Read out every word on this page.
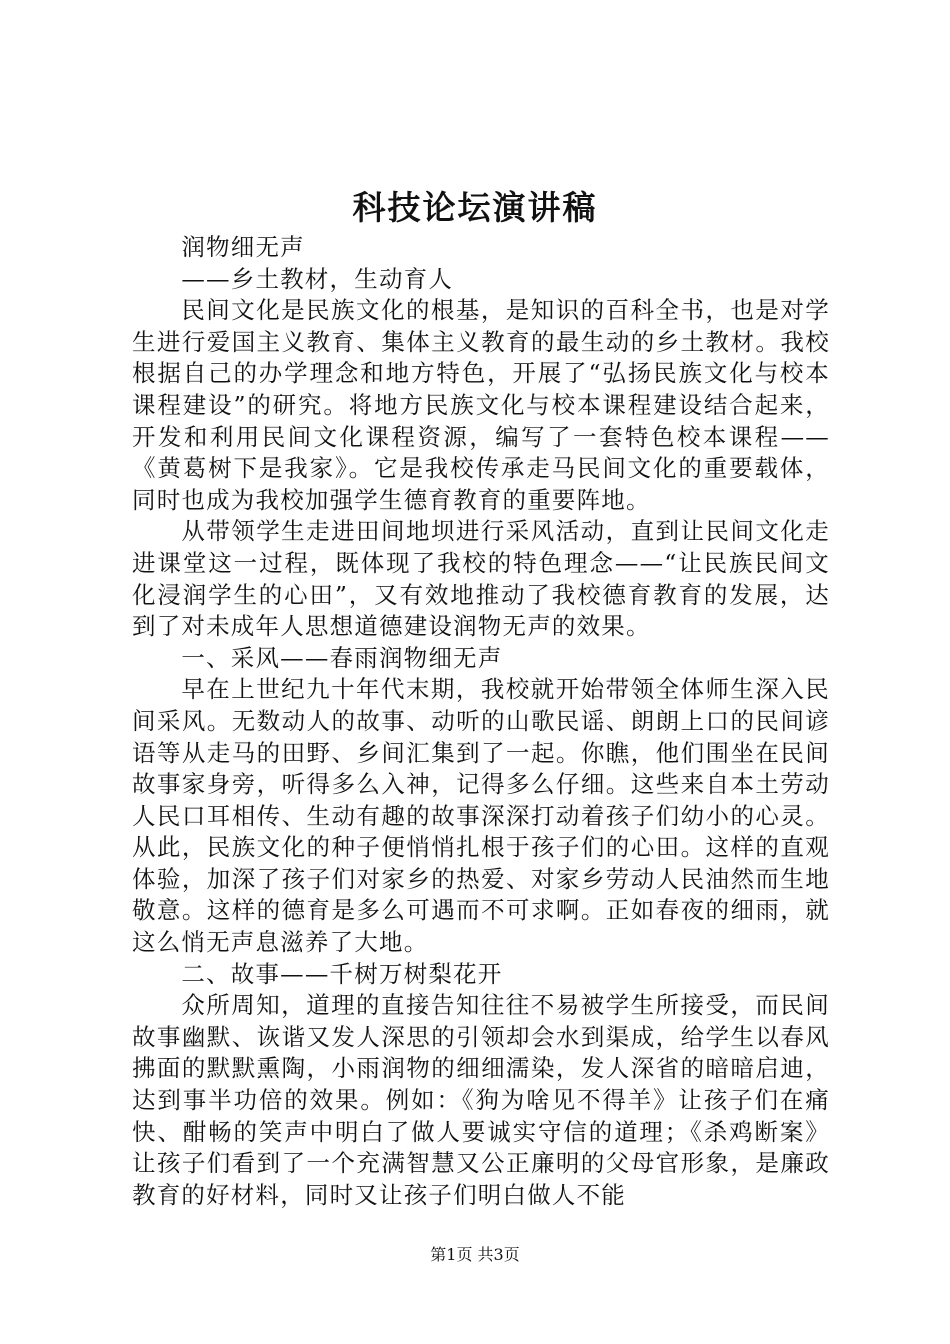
科技论坛演讲稿

润物细无声

——乡土教材，生动育人

民间文化是民族文化的根基，是知识的百科全书，也是对学生进行爱国主义教育、集体主义教育的最生动的乡土教材。我校根据自己的办学理念和地方特色，开展了“弘扬民族文化与校本课程建设”的研究。将地方民族文化与校本课程建设结合起来，开发和利用民间文化课程资源，编写了一套特色校本课程——《黄葛树下是我家》。它是我校传承走马民间文化的重要载体，同时也成为我校加强学生德育教育的重要阵地。

从带领学生走进田间地坝进行采风活动，直到让民间文化走进课堂这一过程，既体现了我校的特色理念——“让民族民间文化浸润学生的心田”，又有效地推动了我校德育教育的发展，达到了对未成年人思想道德建设润物无声的效果。

一、采风——春雨润物细无声

早在上世纪九十年代末期，我校就开始带领全体师生深入民间采风。无数动人的故事、动听的山歌民谣、朗朗上口的民间谚语等从走马的田野、乡间汇集到了一起。你瞧，他们围坐在民间故事家身旁，听得多么入神，记得多么仔细。这些来自本土劳动人民口耳相传、生动有趣的故事深深打动着孩子们幼小的心灵。从此，民族文化的种子便悄悄扎根于孩子们的心田。这样的直观体验，加深了孩子们对家乡的热爱、对家乡劳动人民油然而生地敬意。这样的德育是多么可遇而不可求啊。正如春夜的细雨，就这么悄无声息滋养了大地。

二、故事——千树万树梨花开

众所周知，道理的直接告知往往不易被学生所接受，而民间故事幽默、诙谐又发人深思的引领却会水到渠成，给学生以春风拂面的默默熏陶，小雨润物的细细濡染，发人深省的暗暗启迪，达到事半功倍的效果。例如：《狗为啥见不得羊》让孩子们在痛快、酣畅的笑声中明白了做人要诚实守信的道理；《杀鸡断案》让孩子们看到了一个充满智慧又公正廉明的父母官形象，是廉政教育的好材料，同时又让孩子们明白做人不能

第1页 共3页
